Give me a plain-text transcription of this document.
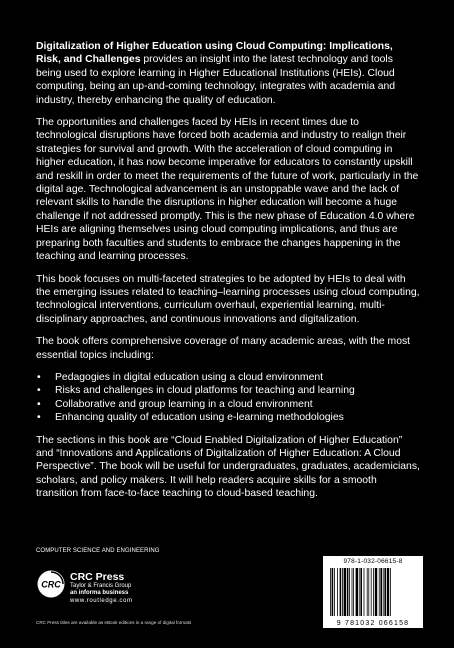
Digitalization of Higher Education using Cloud Computing: Implications, Risk, and Challenges provides an insight into the latest technology and tools being used to explore learning in Higher Educational Institutions (HEIs). Cloud computing, being an up-and-coming technology, integrates with academia and industry, thereby enhancing the quality of education.

The opportunities and challenges faced by HEIs in recent times due to technological disruptions have forced both academia and industry to realign their strategies for survival and growth. With the acceleration of cloud computing in higher education, it has now become imperative for educators to constantly upskill and reskill in order to meet the requirements of the future of work, particularly in the digital age. Technological advancement is an unstoppable wave and the lack of relevant skills to handle the disruptions in higher education will become a huge challenge if not addressed promptly. This is the new phase of Education 4.0 where HEIs are aligning themselves using cloud computing implications, and thus are preparing both faculties and students to embrace the changes happening in the teaching and learning processes.

This book focuses on multi-faceted strategies to be adopted by HEIs to deal with the emerging issues related to teaching–learning processes using cloud computing, technological interventions, curriculum overhaul, experiential learning, multi-disciplinary approaches, and continuous innovations and digitalization.

The book offers comprehensive coverage of many academic areas, with the most essential topics including:

• Pedagogies in digital education using a cloud environment
• Risks and challenges in cloud platforms for teaching and learning
• Collaborative and group learning in a cloud environment
• Enhancing quality of education using e-learning methodologies

The sections in this book are “Cloud Enabled Digitalization of Higher Education” and “Innovations and Applications of Digitalization of Higher Education: A Cloud Perspective”. The book will be useful for undergraduates, graduates, academicians, scholars, and policy makers. It will help readers acquire skills for a smooth transition from face-to-face teaching to cloud-based teaching.

COMPUTER SCIENCE AND ENGINEERING
CRC
CRC Press
Taylor & Francis Group
an informa business
www.routledge.com
CRC Press titles are available as eBook editions in a range of digital formats
978-1-032-06615-8
9 781032 066158
